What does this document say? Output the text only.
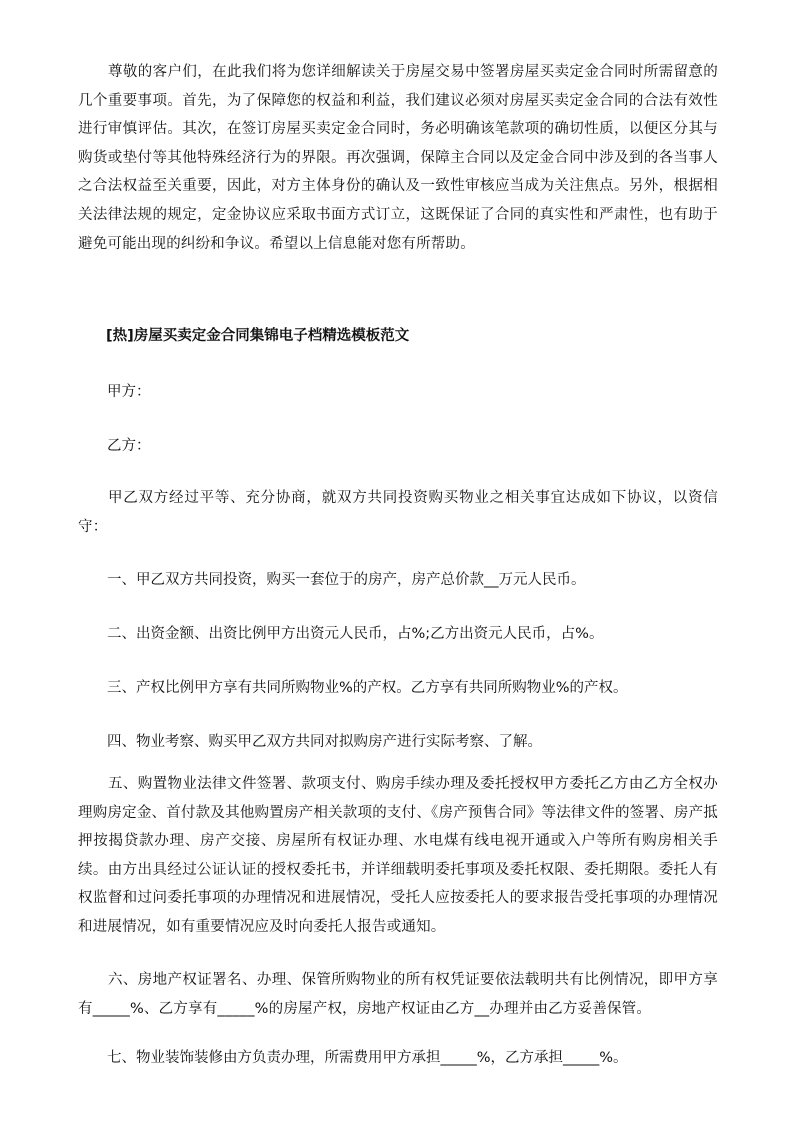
尊敬的客户们，在此我们将为您详细解读关于房屋交易中签署房屋买卖定金合同时所需留意的几个重要事项。首先，为了保障您的权益和利益，我们建议必须对房屋买卖定金合同的合法有效性进行审慎评估。其次，在签订房屋买卖定金合同时，务必明确该笔款项的确切性质，以便区分其与购货或垫付等其他特殊经济行为的界限。再次强调，保障主合同以及定金合同中涉及到的各当事人之合法权益至关重要，因此，对方主体身份的确认及一致性审核应当成为关注焦点。另外，根据相关法律法规的规定，定金协议应采取书面方式订立，这既保证了合同的真实性和严肃性，也有助于避免可能出现的纠纷和争议。希望以上信息能对您有所帮助。

[热]房屋买卖定金合同集锦电子档精选模板范文

甲方：

乙方：

甲乙双方经过平等、充分协商，就双方共同投资购买物业之相关事宜达成如下协议，以资信守：

一、甲乙双方共同投资，购买一套位于的房产，房产总价款__万元人民币。

二、出资金额、出资比例甲方出资元人民币，占%;乙方出资元人民币，占%。

三、产权比例甲方享有共同所购物业%的产权。乙方享有共同所购物业%的产权。

四、物业考察、购买甲乙双方共同对拟购房产进行实际考察、了解。

五、购置物业法律文件签署、款项支付、购房手续办理及委托授权甲方委托乙方由乙方全权办理购房定金、首付款及其他购置房产相关款项的支付、《房产预售合同》等法律文件的签署、房产抵押按揭贷款办理、房产交接、房屋所有权证办理、水电煤有线电视开通或入户等所有购房相关手续。由方出具经过公证认证的授权委托书，并详细载明委托事项及委托权限、委托期限。委托人有权监督和过问委托事项的办理情况和进展情况，受托人应按委托人的要求报告受托事项的办理情况和进展情况，如有重要情况应及时向委托人报告或通知。

六、房地产权证署名、办理、保管所购物业的所有权凭证要依法载明共有比例情况，即甲方享有_____%、乙方享有_____%的房屋产权，房地产权证由乙方__办理并由乙方妥善保管。

七、物业装饰装修由方负责办理，所需费用甲方承担_____%，乙方承担_____%。
